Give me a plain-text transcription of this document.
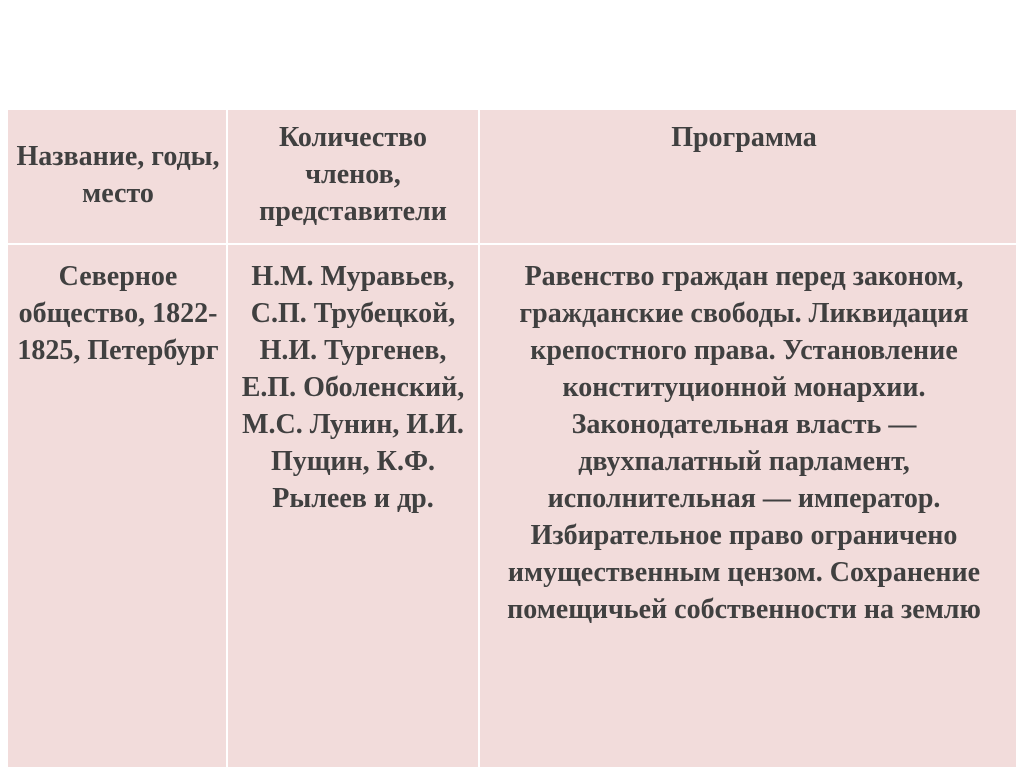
Название, годы, место

Количество членов, представители

Программа

Северное общество, 1822-1825, Петербург

Н.М. Муравьев, С.П. Трубецкой, Н.И. Тургенев, Е.П. Оболенский, М.С. Лунин, И.И. Пущин, К.Ф. Рылеев и др.

Равенство граждан перед законом, гражданские свободы. Ликвидация крепостного права. Установление конституционной монархии. Законодательная власть — двухпалатный парламент, исполнительная — император. Избирательное право ограничено имущественным цензом. Сохранение помещичьей собственности на землю
